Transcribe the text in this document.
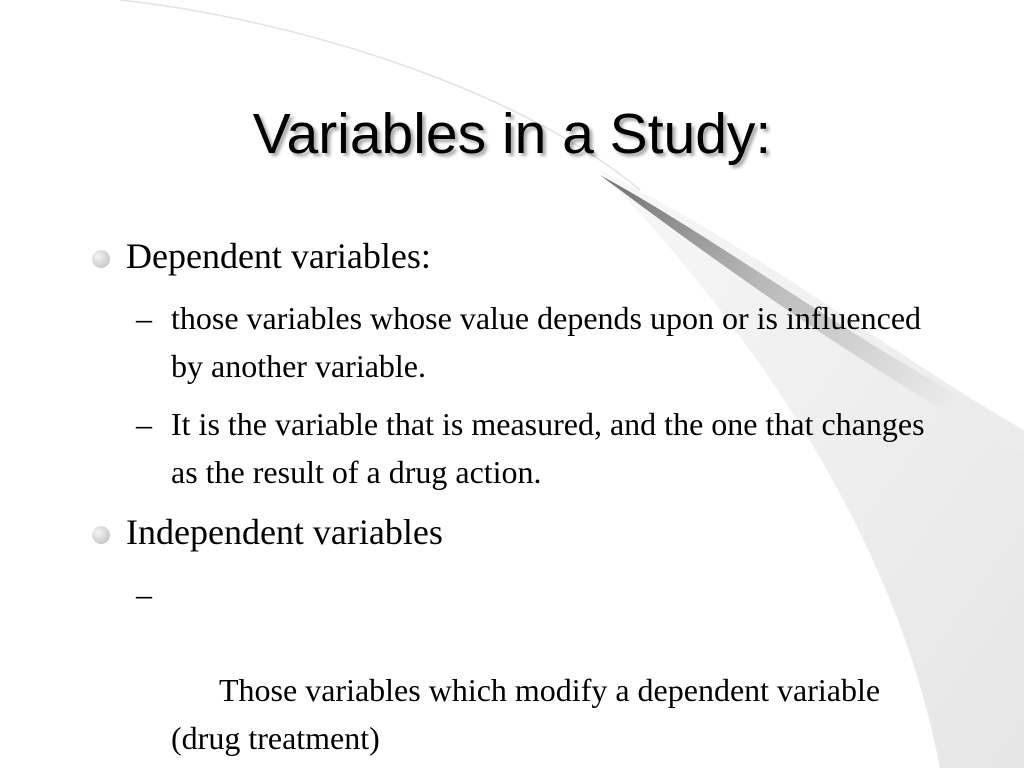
Variables in a Study:
Dependent variables:
– those variables whose value depends upon or is influenced by another variable.
– It is the variable that is measured, and the one that changes as the result of a drug action.
Independent variables

–

Those variables which modify a dependent variable  (drug treatment)
